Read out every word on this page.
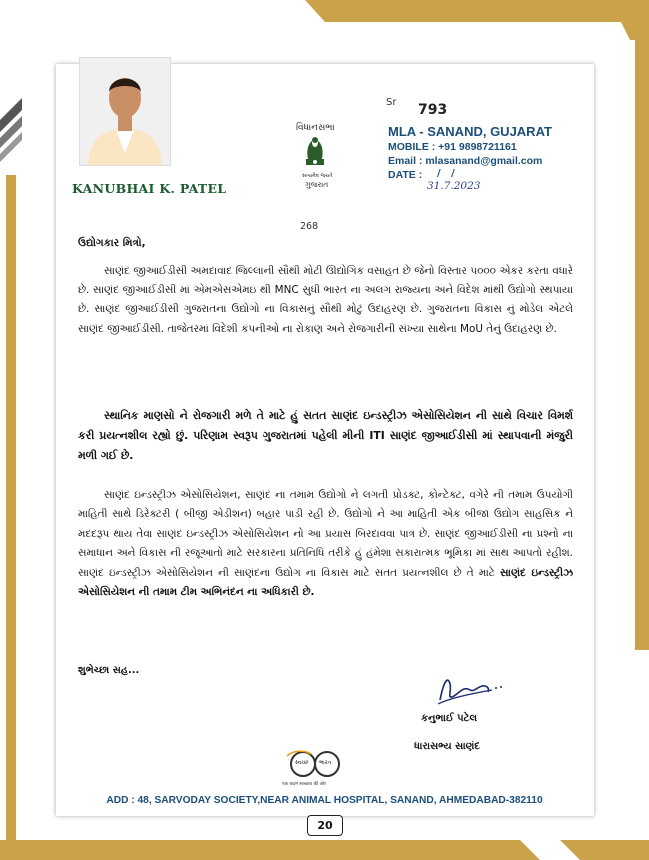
KANUBHAI K. PATEL
વિધાનસભા
સત્યમેવ જયતે
ગુજરાત
Sr 793
MLA - SANAND, GUJARAT
MOBILE : +91 9898721161
Email : mlasanand@gmail.com
DATE : /   /
31.7.2023
268
ઉદ્યોગકાર મિત્રો,
સાણંદ જીઆઈડીસી અમદાવાદ જિલ્લાની સૌથી મોટી ઊદ્યોગિક વસાહત છે જેનો વિસ્તાર ૫૦૦૦ એકર કરતા વધારે છે. સાણંદ જીઆઈડીસી માં એમએસએમઇ થી MNC સુધી ભારત ના અલગ રાજ્યના અને વિદેશ માંથી ઉદ્યોગો સ્થપાયા છે. સાણંદ જીઆઈડીસી ગુજરાતના ઉદ્યોગો ના વિકાસનું સૌથી મોટું ઉદાહરણ છે. ગુજરાતના વિકાસ નું મોડેલ એટલે સાણંદ જીઆઈડીસી. તાજેતરમાં વિદેશી કંપનીઓ ના રોકાણ અને રોજગારીની સંખ્યા સાથેના MoU તેનું ઉદાહરણ છે.
સ્થાનિક માણસો ને રોજગારી મળે તે માટે હું સતત સાણંદ ઇન્ડસ્ટ્રીઝ એસોસિયેશન ની સાથે વિચાર વિમર્શ કરી પ્રયત્નશીલ રહ્યો છું. પરિણામ સ્વરૂપ ગુજરાતમાં પહેલી મીની ITI સાણંદ જીઆઈડીસી માં સ્થાપવાની મંજુરી મળી ગઈ છે.
સાણંદ ઇન્ડસ્ટ્રીઝ એસોસિયેશન, સાણંદ ના તમામ ઉદ્યોગો ને લગતી પ્રોડક્ટ, કોન્ટેક્ટ, વગેરે ની તમામ ઉપયોગી માહિતી સાથે ડિરેક્ટરી ( બીજી એડીશન) બહાર પાડી રહી છે. ઉદ્યોગો ને આ માહિતી એક બીજા ઉદ્યોગ સાહસિક ને મદદરૂપ થાય તેવા સાણંદ ઇન્ડસ્ટ્રીઝ એસોસિયેશન નો આ પ્રયાસ બિરદાવવા પાત્ર છે. સાણંદ જીઆઈડીસી ના પ્રશ્નો ના સમાધાન અને વિકાસ ની રજૂઆતો માટે સરકારના પ્રતિનિધિ તરીકે હું હંમેશા સકારાત્મક ભૂમિકા માં સાથ આપતો રહીશ. સાણંદ ઇન્ડસ્ટ્રીઝ એસોસિયેશન ની સાણંદના ઉદ્યોગ ના વિકાસ માટે સતત પ્રયત્નશીલ છે તે માટે સાણંદ ઇન્ડસ્ટ્રીઝ એસોસિયેશન ની તમામ ટીમ અભિનંદન ના અધિકારી છે.
શુભેચ્છા સહ...
કનુભાઈ પટેલ
ધારાસભ્ય સાણંદ
સ્વચ્છ ભારત
एक कदम स्वच्छता की ओर
ADD : 48, SARVODAY SOCIETY,NEAR ANIMAL HOSPITAL, SANAND, AHMEDABAD-382110
20
